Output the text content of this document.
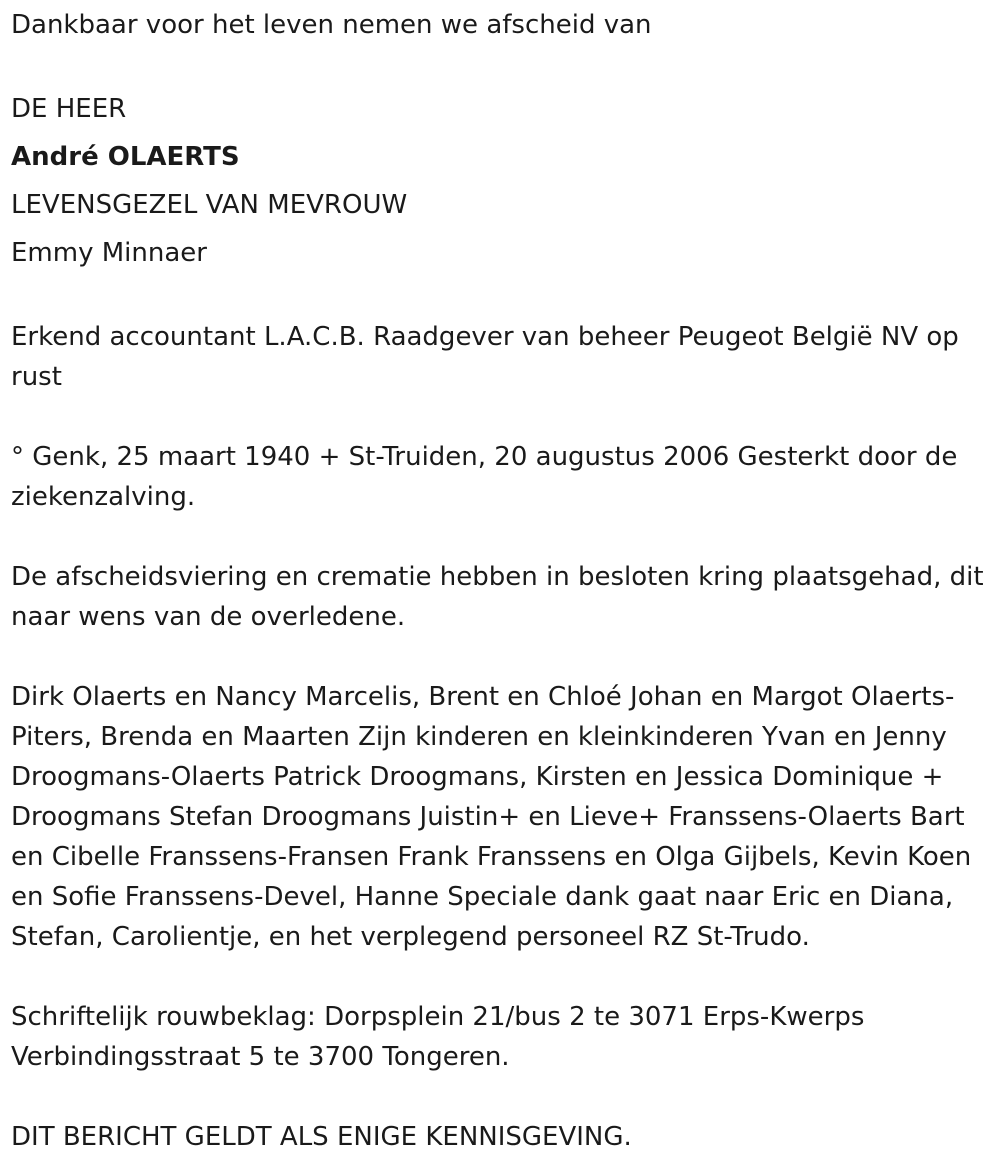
Dankbaar voor het leven nemen we afscheid van

DE HEER

André OLAERTS

LEVENSGEZEL VAN MEVROUW

Emmy Minnaer

Erkend accountant L.A.C.B. Raadgever van beheer Peugeot België NV op rust

° Genk, 25 maart 1940 + St-Truiden, 20 augustus 2006 Gesterkt door de ziekenzalving.

De afscheidsviering en crematie hebben in besloten kring plaatsgehad, dit naar wens van de overledene.

Dirk Olaerts en Nancy Marcelis, Brent en Chloé Johan en Margot Olaerts-Piters, Brenda en Maarten Zijn kinderen en kleinkinderen Yvan en Jenny Droogmans-Olaerts Patrick Droogmans, Kirsten en Jessica Dominique + Droogmans Stefan Droogmans Juistin+ en Lieve+ Franssens-Olaerts Bart en Cibelle Franssens-Fransen Frank Franssens en Olga Gijbels, Kevin Koen en Sofie Franssens-Devel, Hanne Speciale dank gaat naar Eric en Diana, Stefan, Carolientje, en het verplegend personeel RZ St-Trudo.

Schriftelijk rouwbeklag: Dorpsplein 21/bus 2 te 3071 Erps-Kwerps Verbindingsstraat 5 te 3700 Tongeren.

DIT BERICHT GELDT ALS ENIGE KENNISGEVING.
